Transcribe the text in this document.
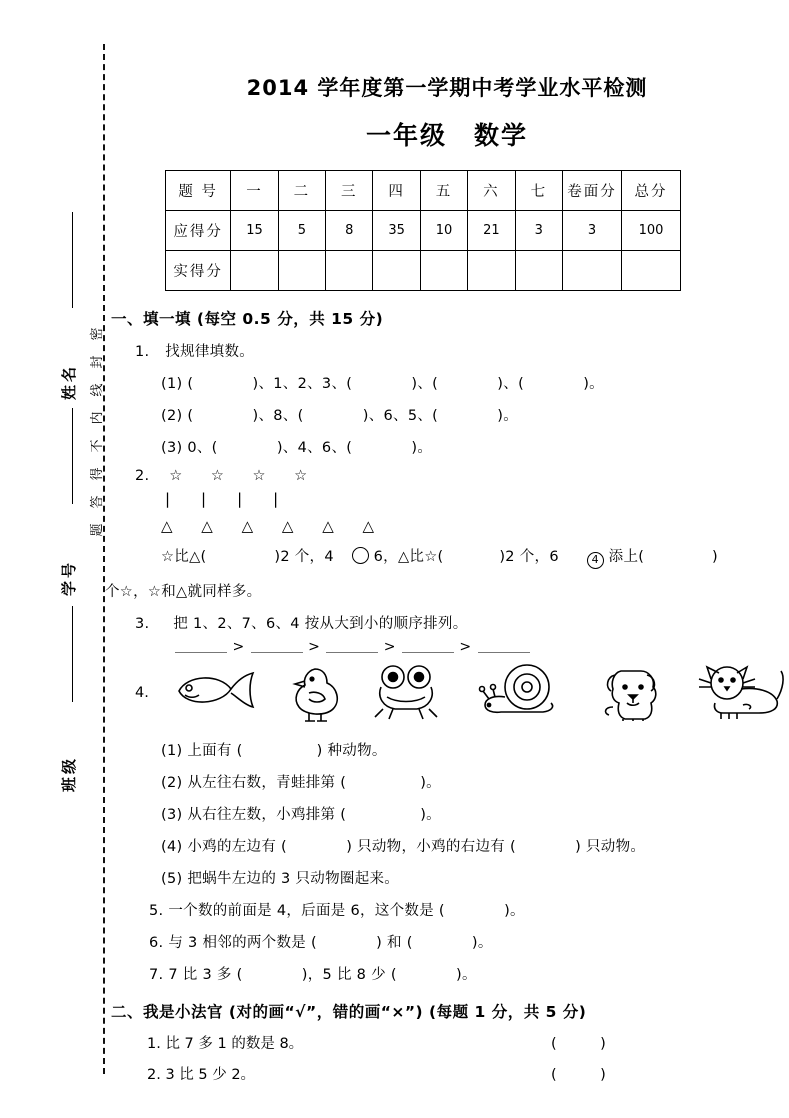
姓名
学号
班级
密
封
线
内
不
得
答
题
2014 学年度第一学期中考学业水平检测
一年级　数学
题 号	一	二	三	四	五	六	七	卷面分	总分
应得分	15	5	8	35	10	21	3	3	100
实得分									
一、填一填 (每空 0.5 分，共 15 分)
1. 找规律填数。
(1) (　　　　)、1、2、3、(　　　　)、(　　　　)、(　　　　)。
(2) (　　　　)、8、(　　　　)、6、5、(　　　　)。
(3) 0、(　　　　)、4、6、(　　　　)。
2. ☆ ☆ ☆ ☆
| | | |
△ △ △ △ △ △
☆比△(	)2 个，4	6，△比☆(	)2 个，6	4 添上(	)
个☆，☆和△就同样多。
3. 把 1、2、7、6、4 按从大到小的顺序排列。
>	>	>	>
4.
(1) 上面有 (　　　　　) 种动物。
(2) 从左往右数，青蛙排第 (　　　　　)。
(3) 从右往左数，小鸡排第 (　　　　　)。
(4) 小鸡的左边有 (　　　　) 只动物，小鸡的右边有 (　　　　) 只动物。
(5) 把蜗牛左边的 3 只动物圈起来。
5. 一个数的前面是 4，后面是 6，这个数是 (　　　　)。
6. 与 3 相邻的两个数是 (　　　　) 和 (　　　　)。
7. 7 比 3 多 (　　　　)，5 比 8 少 (　　　　)。
二、我是小法官 (对的画“√”，错的画“×”) (每题 1 分，共 5 分)
1. 比 7 多 1 的数是 8。	(　　　)
2. 3 比 5 少 2。	(　　　)
